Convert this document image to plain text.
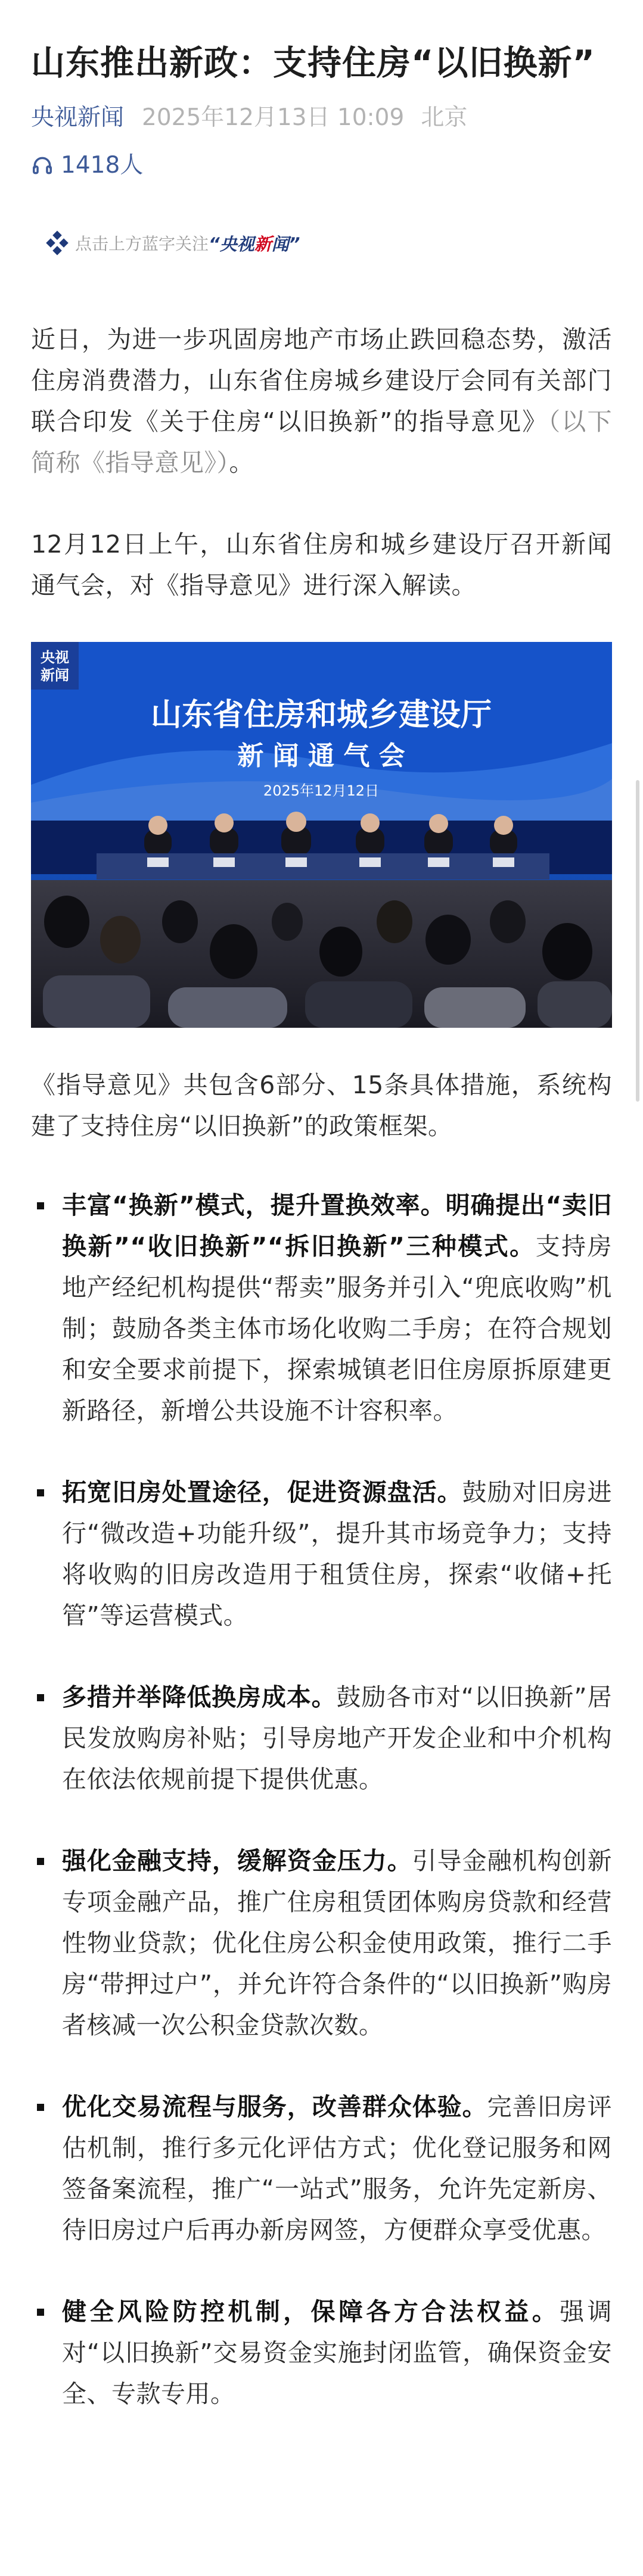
山东推出新政：支持住房“以旧换新”
央视新闻 2025年12月13日 10:09 北京
1418人
点击上方蓝字关注 “央视新闻”

近日，为进一步巩固房地产市场止跌回稳态势，激活住房消费潜力，山东省住房城乡建设厅会同有关部门联合印发《关于住房“以旧换新”的指导意见》（以下简称《指导意见》）。

12月12日上午，山东省住房和城乡建设厅召开新闻通气会，对《指导意见》进行深入解读。

央视
新闻
山东省住房和城乡建设厅
新 闻 通 气 会
2025年12月12日

《指导意见》共包含6部分、15条具体措施，系统构建了支持住房“以旧换新”的政策框架。

丰富“换新”模式，提升置换效率。明确提出“卖旧换新”“收旧换新”“拆旧换新”三种模式。支持房地产经纪机构提供“帮卖”服务并引入“兜底收购”机制；鼓励各类主体市场化收购二手房；在符合规划和安全要求前提下，探索城镇老旧住房原拆原建更新路径，新增公共设施不计容积率。
拓宽旧房处置途径，促进资源盘活。鼓励对旧房进行“微改造+功能升级”，提升其市场竞争力；支持将收购的旧房改造用于租赁住房，探索“收储+托管”等运营模式。
多措并举降低换房成本。鼓励各市对“以旧换新”居民发放购房补贴；引导房地产开发企业和中介机构在依法依规前提下提供优惠。
强化金融支持，缓解资金压力。引导金融机构创新专项金融产品，推广住房租赁团体购房贷款和经营性物业贷款；优化住房公积金使用政策，推行二手房“带押过户”，并允许符合条件的“以旧换新”购房者核减一次公积金贷款次数。
优化交易流程与服务，改善群众体验。完善旧房评估机制，推行多元化评估方式；优化登记服务和网签备案流程，推广“一站式”服务，允许先定新房、待旧房过户后再办新房网签，方便群众享受优惠。
健全风险防控机制，保障各方合法权益。强调对“以旧换新”交易资金实施封闭监管，确保资金安全、专款专用。
